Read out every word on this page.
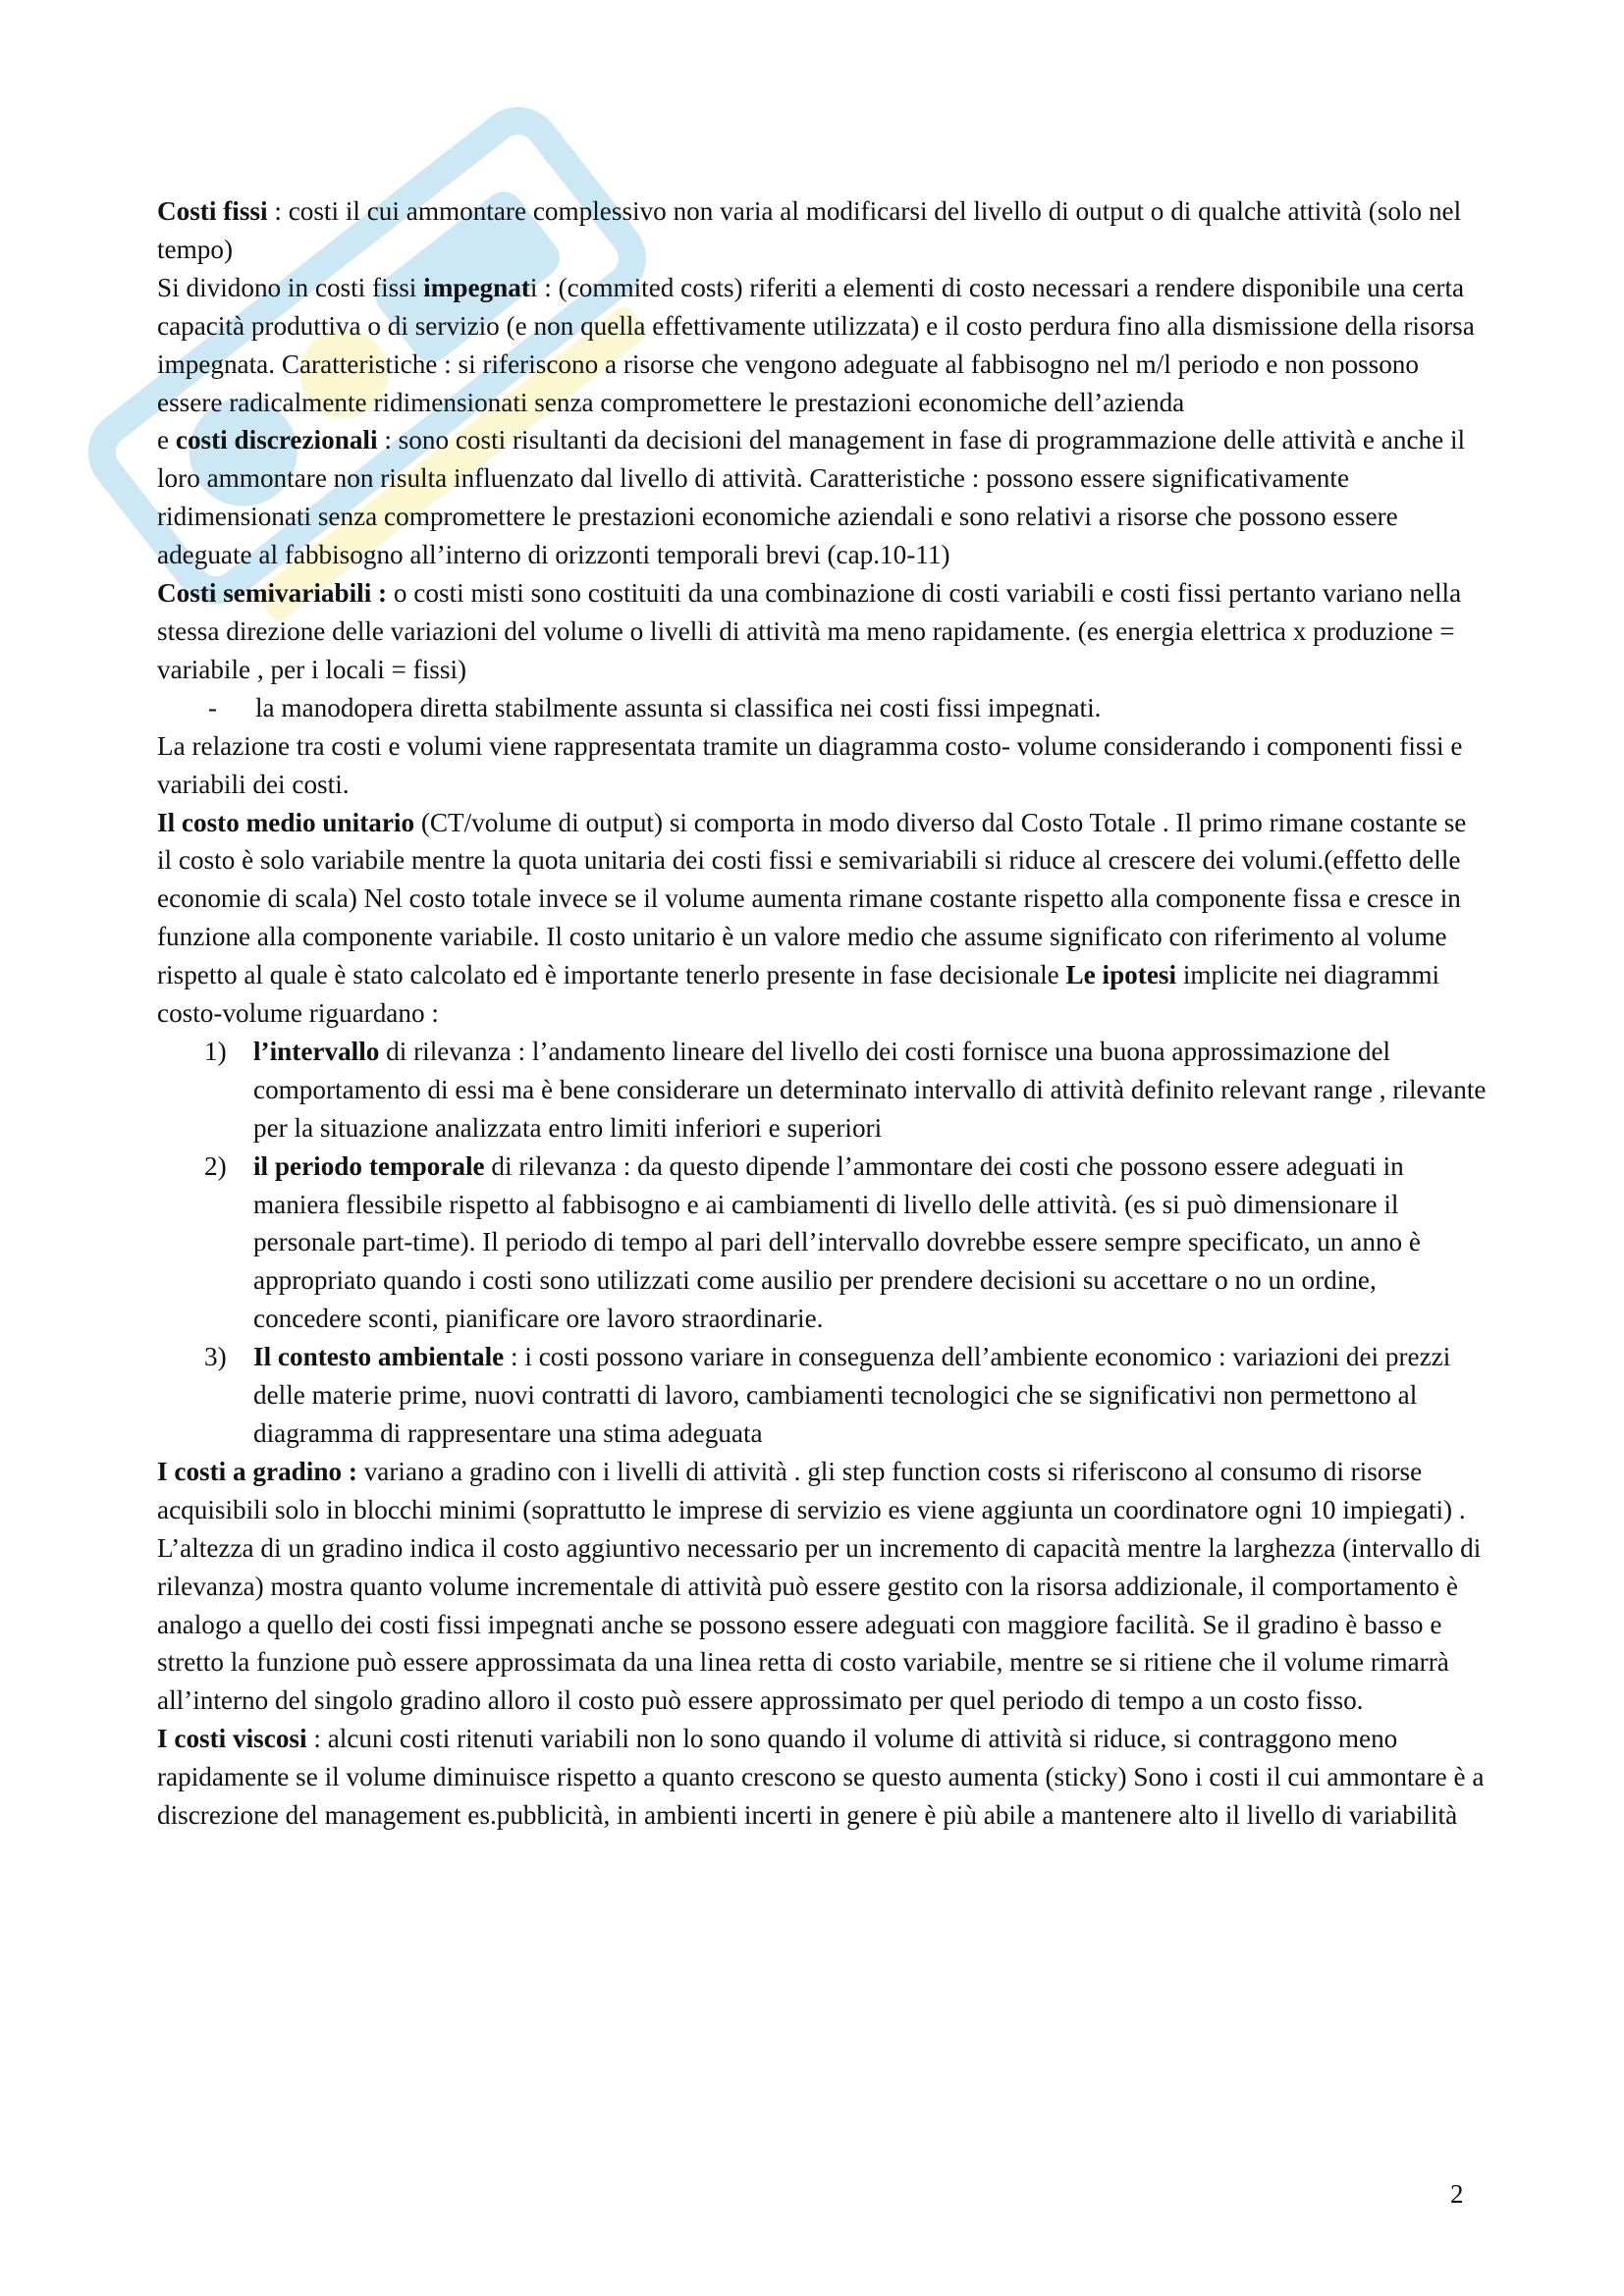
Costi fissi : costi il cui ammontare complessivo non varia al modificarsi del livello di output o di qualche attività (solo nel tempo)

Si dividono in costi fissi impegnati : (commited costs) riferiti a elementi di costo necessari a rendere disponibile una certa capacità produttiva o di servizio (e non quella effettivamente utilizzata) e il costo perdura fino alla dismissione della risorsa impegnata. Caratteristiche : si riferiscono a risorse che vengono adeguate al fabbisogno nel m/l periodo e non possono essere radicalmente ridimensionati senza compromettere le prestazioni economiche dell’azienda

e costi discrezionali : sono costi risultanti da decisioni del management in fase di programmazione delle attività e anche il loro ammontare non risulta influenzato dal livello di attività. Caratteristiche : possono essere significativamente ridimensionati senza compromettere le prestazioni economiche aziendali e sono relativi a risorse che possono essere adeguate al fabbisogno all’interno di orizzonti temporali brevi (cap.10-11)

Costi semivariabili : o costi misti sono costituiti da una combinazione di costi variabili e costi fissi pertanto variano nella stessa direzione delle variazioni del volume o livelli di attività ma meno rapidamente. (es energia elettrica x produzione = variabile , per i locali = fissi)

-	la manodopera diretta stabilmente assunta si classifica nei costi fissi impegnati.

La relazione tra costi e volumi viene rappresentata tramite un diagramma costo- volume considerando i componenti fissi e variabili dei costi.

Il costo medio unitario (CT/volume di output) si comporta in modo diverso dal Costo Totale . Il primo rimane costante se il costo è solo variabile mentre la quota unitaria dei costi fissi e semivariabili si riduce al crescere dei volumi.(effetto delle economie di scala) Nel costo totale invece se il volume aumenta rimane costante rispetto alla componente fissa e cresce in funzione alla componente variabile. Il costo unitario è un valore medio che assume significato con riferimento al volume rispetto al quale è stato calcolato ed è importante tenerlo presente in fase decisionale Le ipotesi implicite nei diagrammi costo-volume riguardano :

1)	l’intervallo di rilevanza : l’andamento lineare del livello dei costi fornisce una buona approssimazione del comportamento di essi ma è bene considerare un determinato intervallo di attività definito relevant range , rilevante per la situazione analizzata entro limiti inferiori e superiori
2)	il periodo temporale di rilevanza : da questo dipende l’ammontare dei costi che possono essere adeguati in maniera flessibile rispetto al fabbisogno e ai cambiamenti di livello delle attività. (es si può dimensionare il personale part-time). Il periodo di tempo al pari dell’intervallo dovrebbe essere sempre specificato, un anno è appropriato quando i costi sono utilizzati come ausilio per prendere decisioni su accettare o no un ordine, concedere sconti, pianificare ore lavoro straordinarie.
3)	Il contesto ambientale : i costi possono variare in conseguenza dell’ambiente economico : variazioni dei prezzi delle materie prime, nuovi contratti di lavoro, cambiamenti tecnologici che se significativi non permettono al diagramma di rappresentare una stima adeguata

I costi a gradino : variano a gradino con i livelli di attività . gli step function costs si riferiscono al consumo di risorse acquisibili solo in blocchi minimi (soprattutto le imprese di servizio es viene aggiunta un coordinatore ogni 10 impiegati) . L’altezza di un gradino indica il costo aggiuntivo necessario per un incremento di capacità mentre la larghezza (intervallo di rilevanza) mostra quanto volume incrementale di attività può essere gestito con la risorsa addizionale, il comportamento è analogo a quello dei costi fissi impegnati anche se possono essere adeguati con maggiore facilità. Se il gradino è basso e stretto la funzione può essere approssimata da una linea retta di costo variabile, mentre se si ritiene che il volume rimarrà all’interno del singolo gradino alloro il costo può essere approssimato per quel periodo di tempo a un costo fisso.

I costi viscosi : alcuni costi ritenuti variabili non lo sono quando il volume di attività si riduce, si contraggono meno rapidamente se il volume diminuisce rispetto a quanto crescono se questo aumenta (sticky) Sono i costi il cui ammontare è a discrezione del management es.pubblicità, in ambienti incerti in genere è più abile a mantenere alto il livello di variabilità

2
